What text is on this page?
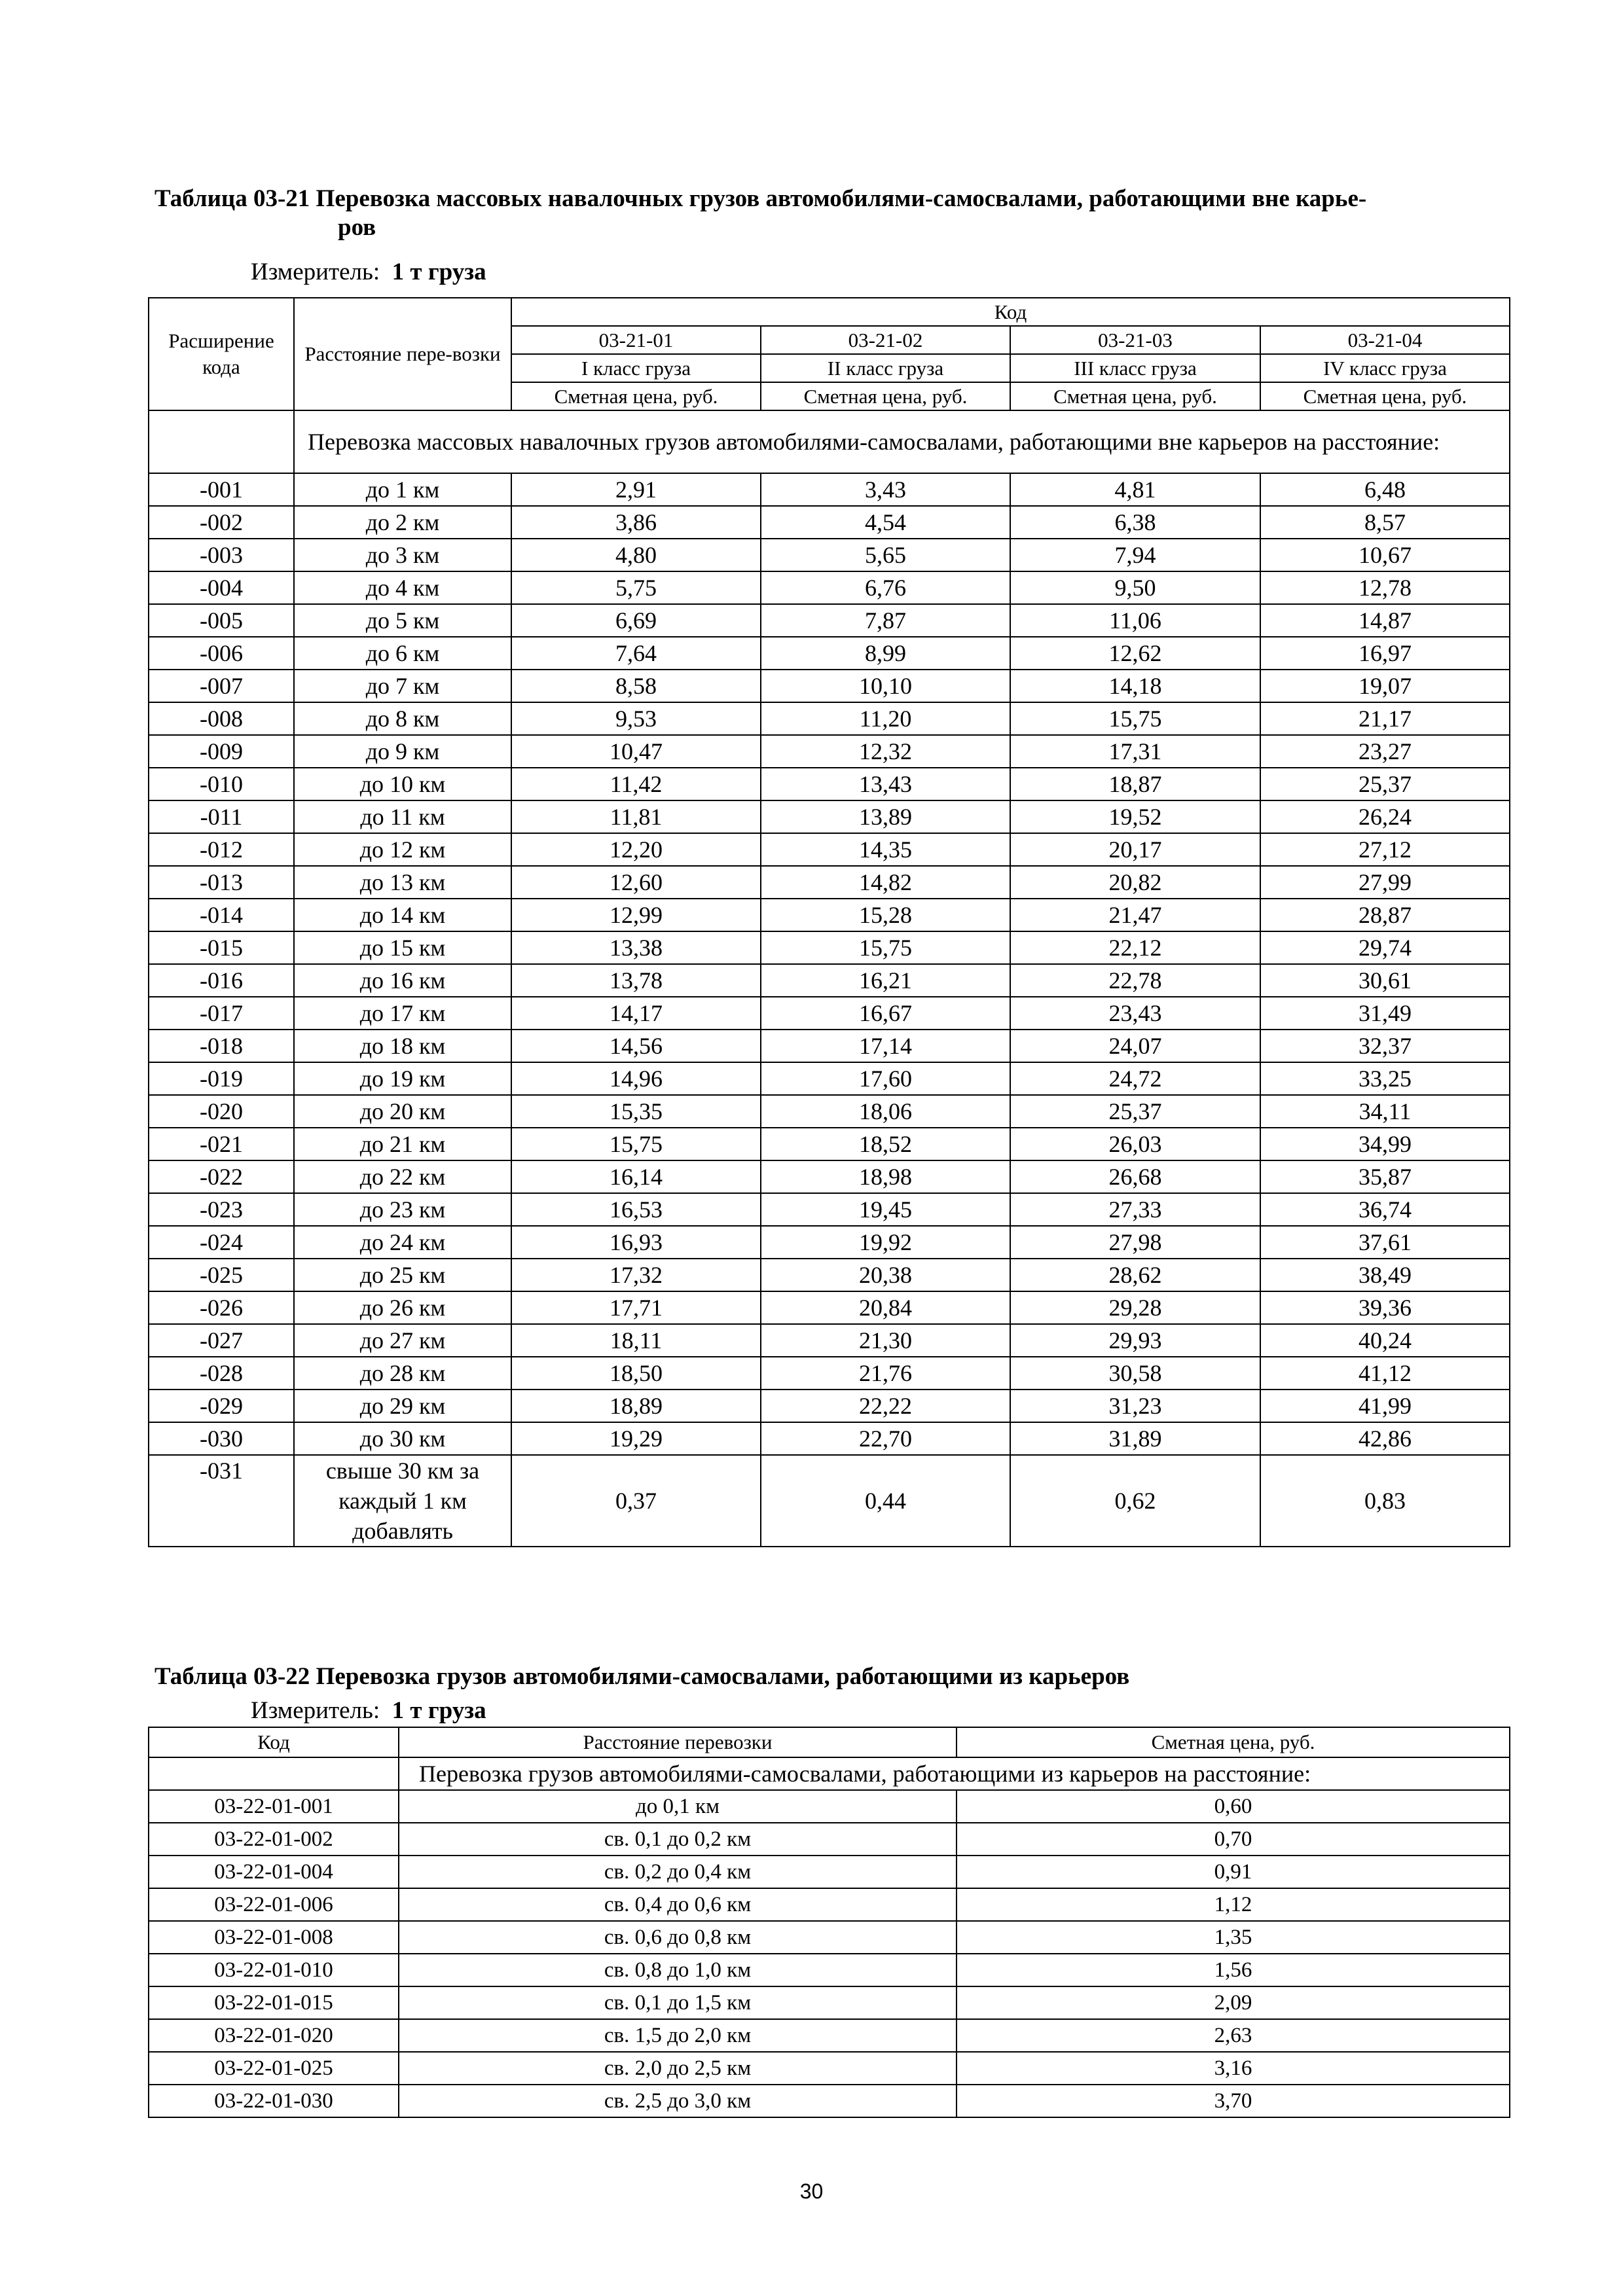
Таблица 03-21 Перевозка массовых навалочных грузов автомобилями-самосвалами, работающими вне карье-
ров
Измеритель: 1 т груза
Расширение кода	Расстояние пере-возки	Код			
		03-21-01	03-21-02	03-21-03	03-21-04
		I класс груза	II класс груза	III класс груза	IV класс груза
		Сметная цена, руб.	Сметная цена, руб.	Сметная цена, руб.	Сметная цена, руб.
	Перевозка массовых навалочных грузов автомобилями-самосвалами, работающими вне карьеров на расстояние:				
-001	до 1 км	2,91	3,43	4,81	6,48
-002	до 2 км	3,86	4,54	6,38	8,57
-003	до 3 км	4,80	5,65	7,94	10,67
-004	до 4 км	5,75	6,76	9,50	12,78
-005	до 5 км	6,69	7,87	11,06	14,87
-006	до 6 км	7,64	8,99	12,62	16,97
-007	до 7 км	8,58	10,10	14,18	19,07
-008	до 8 км	9,53	11,20	15,75	21,17
-009	до 9 км	10,47	12,32	17,31	23,27
-010	до 10 км	11,42	13,43	18,87	25,37
-011	до 11 км	11,81	13,89	19,52	26,24
-012	до 12 км	12,20	14,35	20,17	27,12
-013	до 13 км	12,60	14,82	20,82	27,99
-014	до 14 км	12,99	15,28	21,47	28,87
-015	до 15 км	13,38	15,75	22,12	29,74
-016	до 16 км	13,78	16,21	22,78	30,61
-017	до 17 км	14,17	16,67	23,43	31,49
-018	до 18 км	14,56	17,14	24,07	32,37
-019	до 19 км	14,96	17,60	24,72	33,25
-020	до 20 км	15,35	18,06	25,37	34,11
-021	до 21 км	15,75	18,52	26,03	34,99
-022	до 22 км	16,14	18,98	26,68	35,87
-023	до 23 км	16,53	19,45	27,33	36,74
-024	до 24 км	16,93	19,92	27,98	37,61
-025	до 25 км	17,32	20,38	28,62	38,49
-026	до 26 км	17,71	20,84	29,28	39,36
-027	до 27 км	18,11	21,30	29,93	40,24
-028	до 28 км	18,50	21,76	30,58	41,12
-029	до 29 км	18,89	22,22	31,23	41,99
-030	до 30 км	19,29	22,70	31,89	42,86
-031	свыше 30 км за каждый 1 км добавлять	0,37	0,44	0,62	0,83
Таблица 03-22 Перевозка грузов автомобилями-самосвалами, работающими из карьеров
Измеритель: 1 т груза
Код	Расстояние перевозки	Сметная цена, руб.
	Перевозка грузов автомобилями-самосвалами, работающими из карьеров на расстояние:	
03-22-01-001	до 0,1 км	0,60
03-22-01-002	св. 0,1 до 0,2 км	0,70
03-22-01-004	св. 0,2 до 0,4 км	0,91
03-22-01-006	св. 0,4 до 0,6 км	1,12
03-22-01-008	св. 0,6 до 0,8 км	1,35
03-22-01-010	св. 0,8 до 1,0 км	1,56
03-22-01-015	св. 0,1 до 1,5 км	2,09
03-22-01-020	св. 1,5 до 2,0 км	2,63
03-22-01-025	св. 2,0 до 2,5 км	3,16
03-22-01-030	св. 2,5 до 3,0 км	3,70
30
